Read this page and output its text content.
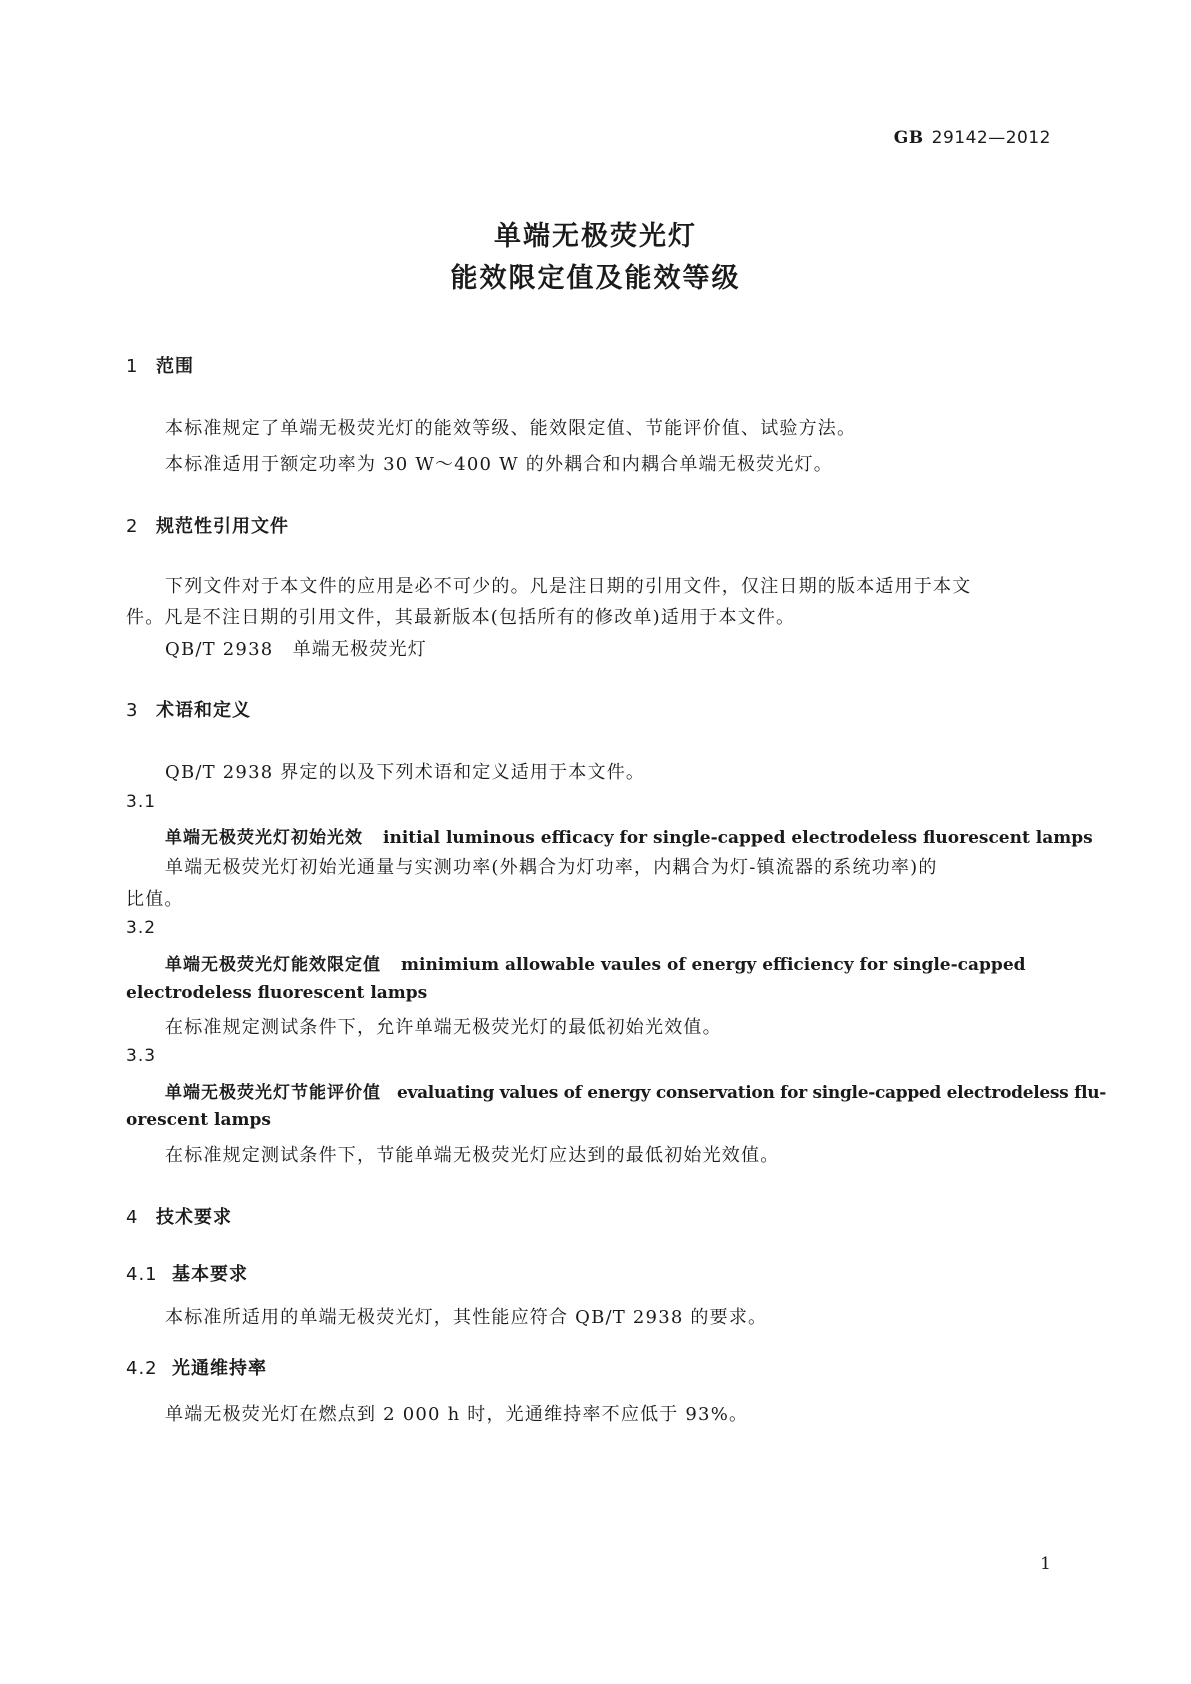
GB 29142—2012
单端无极荧光灯
能效限定值及能效等级
1 范围
本标准规定了单端无极荧光灯的能效等级、能效限定值、节能评价值、试验方法。
本标准适用于额定功率为 30 W～400 W 的外耦合和内耦合单端无极荧光灯。
2 规范性引用文件
下列文件对于本文件的应用是必不可少的。凡是注日期的引用文件，仅注日期的版本适用于本文
件。凡是不注日期的引用文件，其最新版本(包括所有的修改单)适用于本文件。
QB/T 2938　单端无极荧光灯
3 术语和定义
QB/T 2938 界定的以及下列术语和定义适用于本文件。
3.1
单端无极荧光灯初始光效 initial luminous efficacy for single-capped electrodeless fluorescent lamps
单端无极荧光灯初始光通量与实测功率(外耦合为灯功率，内耦合为灯-镇流器的系统功率)的
比值。
3.2
单端无极荧光灯能效限定值 minimium allowable vaules of energy efficiency for single-capped
electrodeless fluorescent lamps
在标准规定测试条件下，允许单端无极荧光灯的最低初始光效值。
3.3
单端无极荧光灯节能评价值 evaluating values of energy conservation for single-capped electrodeless flu-
orescent lamps
在标准规定测试条件下，节能单端无极荧光灯应达到的最低初始光效值。
4 技术要求
4.1 基本要求
本标准所适用的单端无极荧光灯，其性能应符合 QB/T 2938 的要求。
4.2 光通维持率
单端无极荧光灯在燃点到 2 000 h 时，光通维持率不应低于 93%。
1
